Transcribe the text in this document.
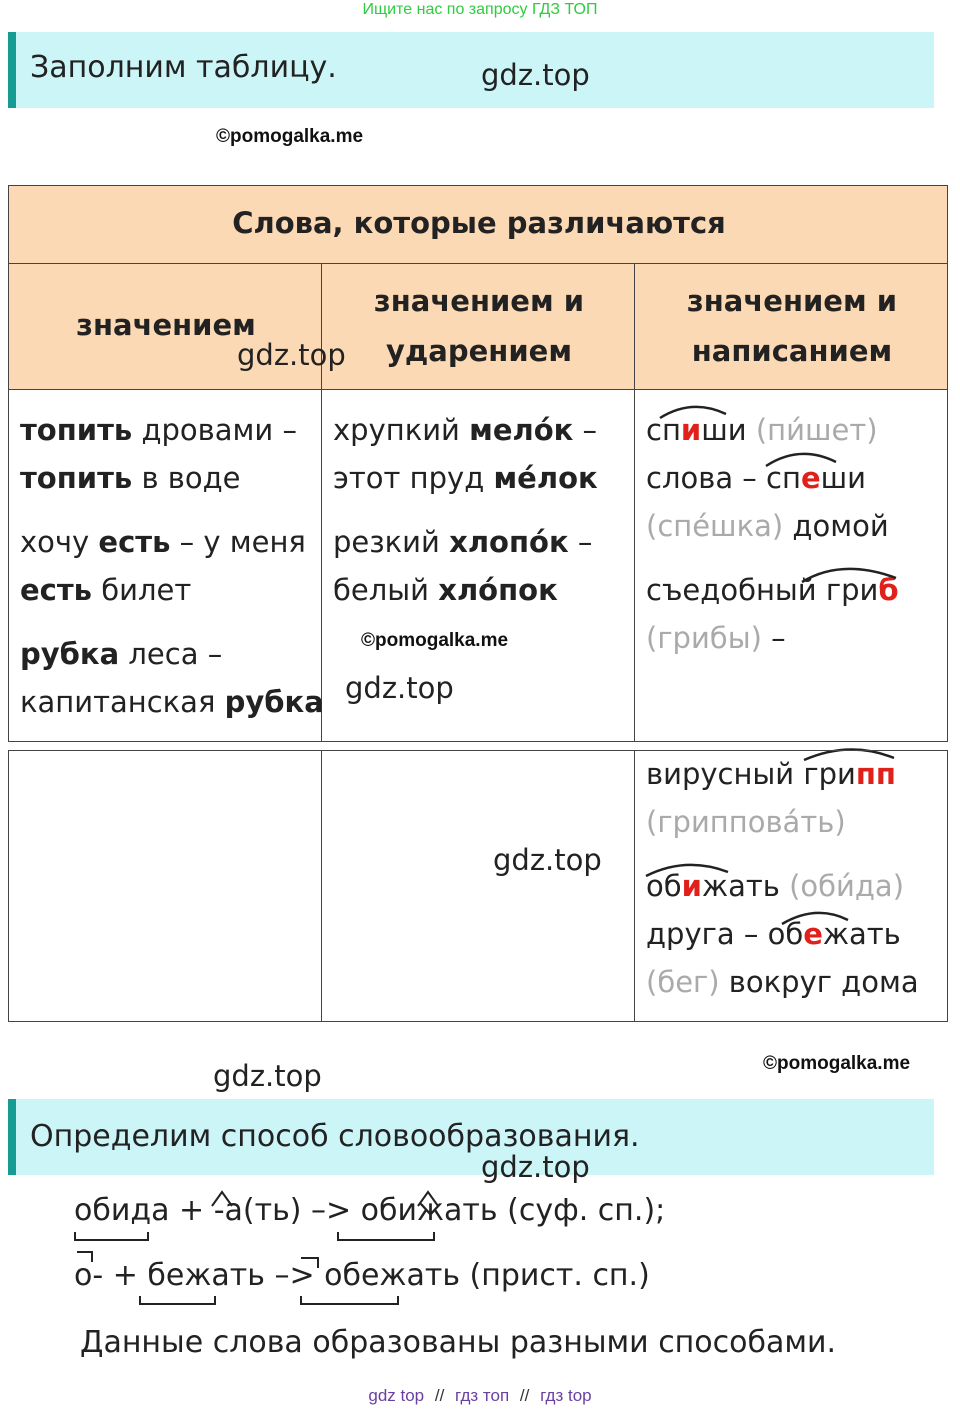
Ищите нас по запросу ГДЗ ТОП
Заполним таблицу.	gdz.top
©pomogalka.me
Слова, которые различаются
значением
значением и
ударением
значением и
написанием
gdz.top

топить дровами –

топить в воде

хочу есть – у меня

есть билет

рубка леса –

капитанская рубка

хрупкий мело́к –

этот пруд мéлок

резкий хлопо́к –

белый хло́пок

©pomogalka.me
gdz.top

спиши (пи́шет)

слова – спеши

(спе́шка) домой

съедобный гриб

(грибы) –

gdz.top

вирусный грипп

(гриппова́ть)

обижать (оби́да)

друга – обежать

(бег) вокруг дома

gdz.top	©pomogalka.me
Определим способ словообразования.
gdz.top
обида + -а(ть) –> обижать (суф. сп.);
о- + бежать –> обежать (прист. сп.)
Данные слова образованы разными способами.
gdz top // гдз топ // гдз top
